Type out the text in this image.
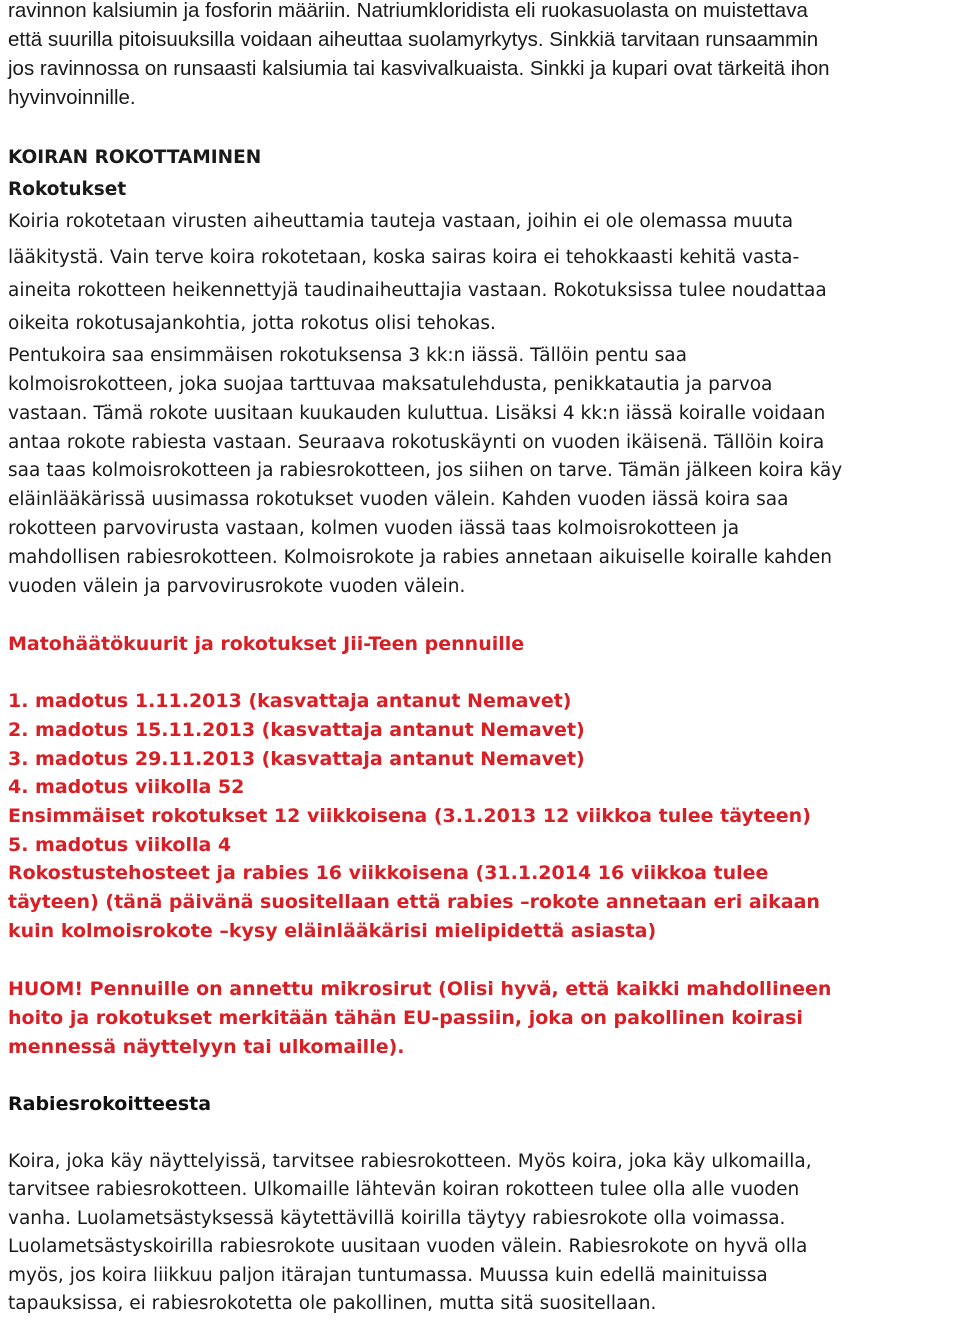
ravinnon kalsiumin ja fosforin määriin. Natriumkloridista eli ruokasuolasta on muistettava
että suurilla pitoisuuksilla voidaan aiheuttaa suolamyrkytys. Sinkkiä tarvitaan runsaammin
jos ravinnossa on runsaasti kalsiumia tai kasvivalkuaista. Sinkki ja kupari ovat tärkeitä ihon
hyvinvoinnille.
KOIRAN ROKOTTAMINEN
Rokotukset
Koiria rokotetaan virusten aiheuttamia tauteja vastaan, joihin ei ole olemassa muuta
lääkitystä. Vain terve koira rokotetaan, koska sairas koira ei tehokkaasti kehitä vasta-
aineita rokotteen heikennettyjä taudinaiheuttajia vastaan. Rokotuksissa tulee noudattaa
oikeita rokotusajankohtia, jotta rokotus olisi tehokas.
Pentukoira saa ensimmäisen rokotuksensa 3 kk:n iässä. Tällöin pentu saa
kolmoisrokotteen, joka suojaa tarttuvaa maksatulehdusta, penikkatautia ja parvoa
vastaan. Tämä rokote uusitaan kuukauden kuluttua. Lisäksi 4 kk:n iässä koiralle voidaan
antaa rokote rabiesta vastaan. Seuraava rokotuskäynti on vuoden ikäisenä. Tällöin koira
saa taas kolmoisrokotteen ja rabiesrokotteen, jos siihen on tarve. Tämän jälkeen koira käy
eläinlääkärissä uusimassa rokotukset vuoden välein. Kahden vuoden iässä koira saa
rokotteen parvovirusta vastaan, kolmen vuoden iässä taas kolmoisrokotteen ja
mahdollisen rabiesrokotteen. Kolmoisrokote ja rabies annetaan aikuiselle koiralle kahden
vuoden välein ja parvovirusrokote vuoden välein.
Matohäätökuurit ja rokotukset Jii-Teen pennuille
1. madotus 1.11.2013 (kasvattaja antanut Nemavet)
2. madotus 15.11.2013 (kasvattaja antanut Nemavet)
3. madotus 29.11.2013 (kasvattaja antanut Nemavet)
4. madotus viikolla 52
Ensimmäiset rokotukset 12 viikkoisena (3.1.2013 12 viikkoa tulee täyteen)
5. madotus viikolla 4
Rokostustehosteet ja rabies 16 viikkoisena (31.1.2014 16 viikkoa tulee
täyteen) (tänä päivänä suositellaan että rabies –rokote annetaan eri aikaan
kuin kolmoisrokote –kysy eläinlääkärisi mielipidettä asiasta)
HUOM! Pennuille on annettu mikrosirut (Olisi hyvä, että kaikki mahdollineen
hoito ja rokotukset merkitään tähän EU-passiin, joka on pakollinen koirasi
mennessä näyttelyyn tai ulkomaille).
Rabiesrokoitteesta
Koira, joka käy näyttelyissä, tarvitsee rabiesrokotteen. Myös koira, joka käy ulkomailla,
tarvitsee rabiesrokotteen. Ulkomaille lähtevän koiran rokotteen tulee olla alle vuoden
vanha. Luolametsästyksessä käytettävillä koirilla täytyy rabiesrokote olla voimassa.
Luolametsästyskoirilla rabiesrokote uusitaan vuoden välein. Rabiesrokote on hyvä olla
myös, jos koira liikkuu paljon itärajan tuntumassa. Muussa kuin edellä mainituissa
tapauksissa, ei rabiesrokotetta ole pakollinen, mutta sitä suositellaan.
